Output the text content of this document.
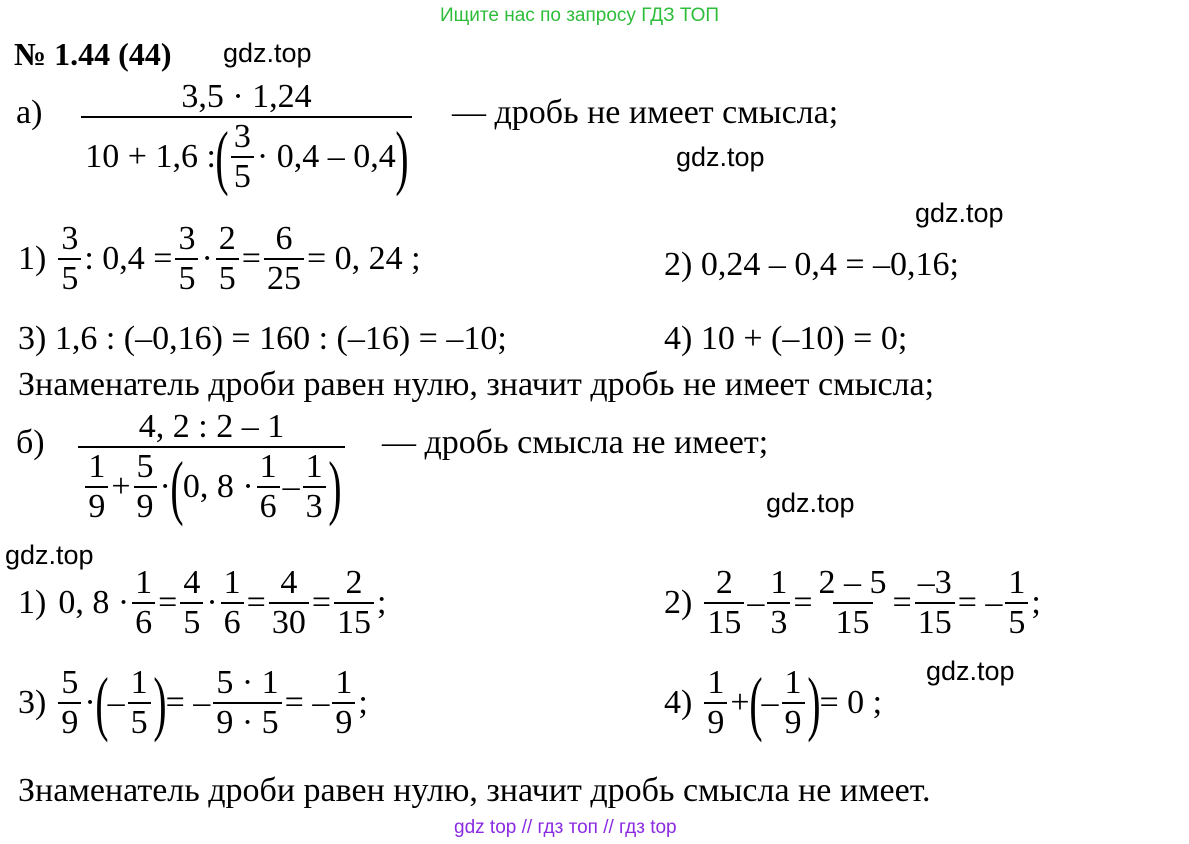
Ищите нас по запросу ГДЗ ТОП
№ 1.44 (44) gdz.top
gdz.top
gdz.top
gdz.top
gdz.top
gdz.top
а) 3,5 · 1,24
10 + 1,6 : ( 3
5
· 0,4 – 0,4 ) — дробь не имеет смысла;
1)
3
5
: $0,4 = \frac{3}{5} \cdot \frac{2}{5} = \frac{6}{25} = 0$, 24 ;	2) 0,24 – 0,4 = –0,16;
3) 1,6 : (–0,16) = 160 : (–16) = –10;	4) 10 + (–10) = 0;
Знаменатель дроби равен нулю, значит дробь не имеет смысла;
б)	4, 2 : 2 – 1
1
9
+ $\frac{5}{9}$ · ( 0, 8 ·
1
6
–
1
3 )
— дробь смысла не имеет;
1) 0, $8 \cdot \frac{1}{6} = \frac{4}{5} \cdot \frac{1}{6} = \frac{4}{30} = \frac{2}{15}$ ;	2)
2
15
– $\frac{1}{3} = \frac{2 - 5}{15} = \frac{-3}{15}$ = –
1
5
;
3)
5
9
· ( –
1
5 ) = – $\frac{5 \cdot 1}{9 \cdot 5}$ = –
1
9
;	4)
1
9
+ ( –
1
9 ) = 0 ;
Знаменатель дроби равен нулю, значит дробь смысла не имеет.
gdz top // гдз топ // гдз top
